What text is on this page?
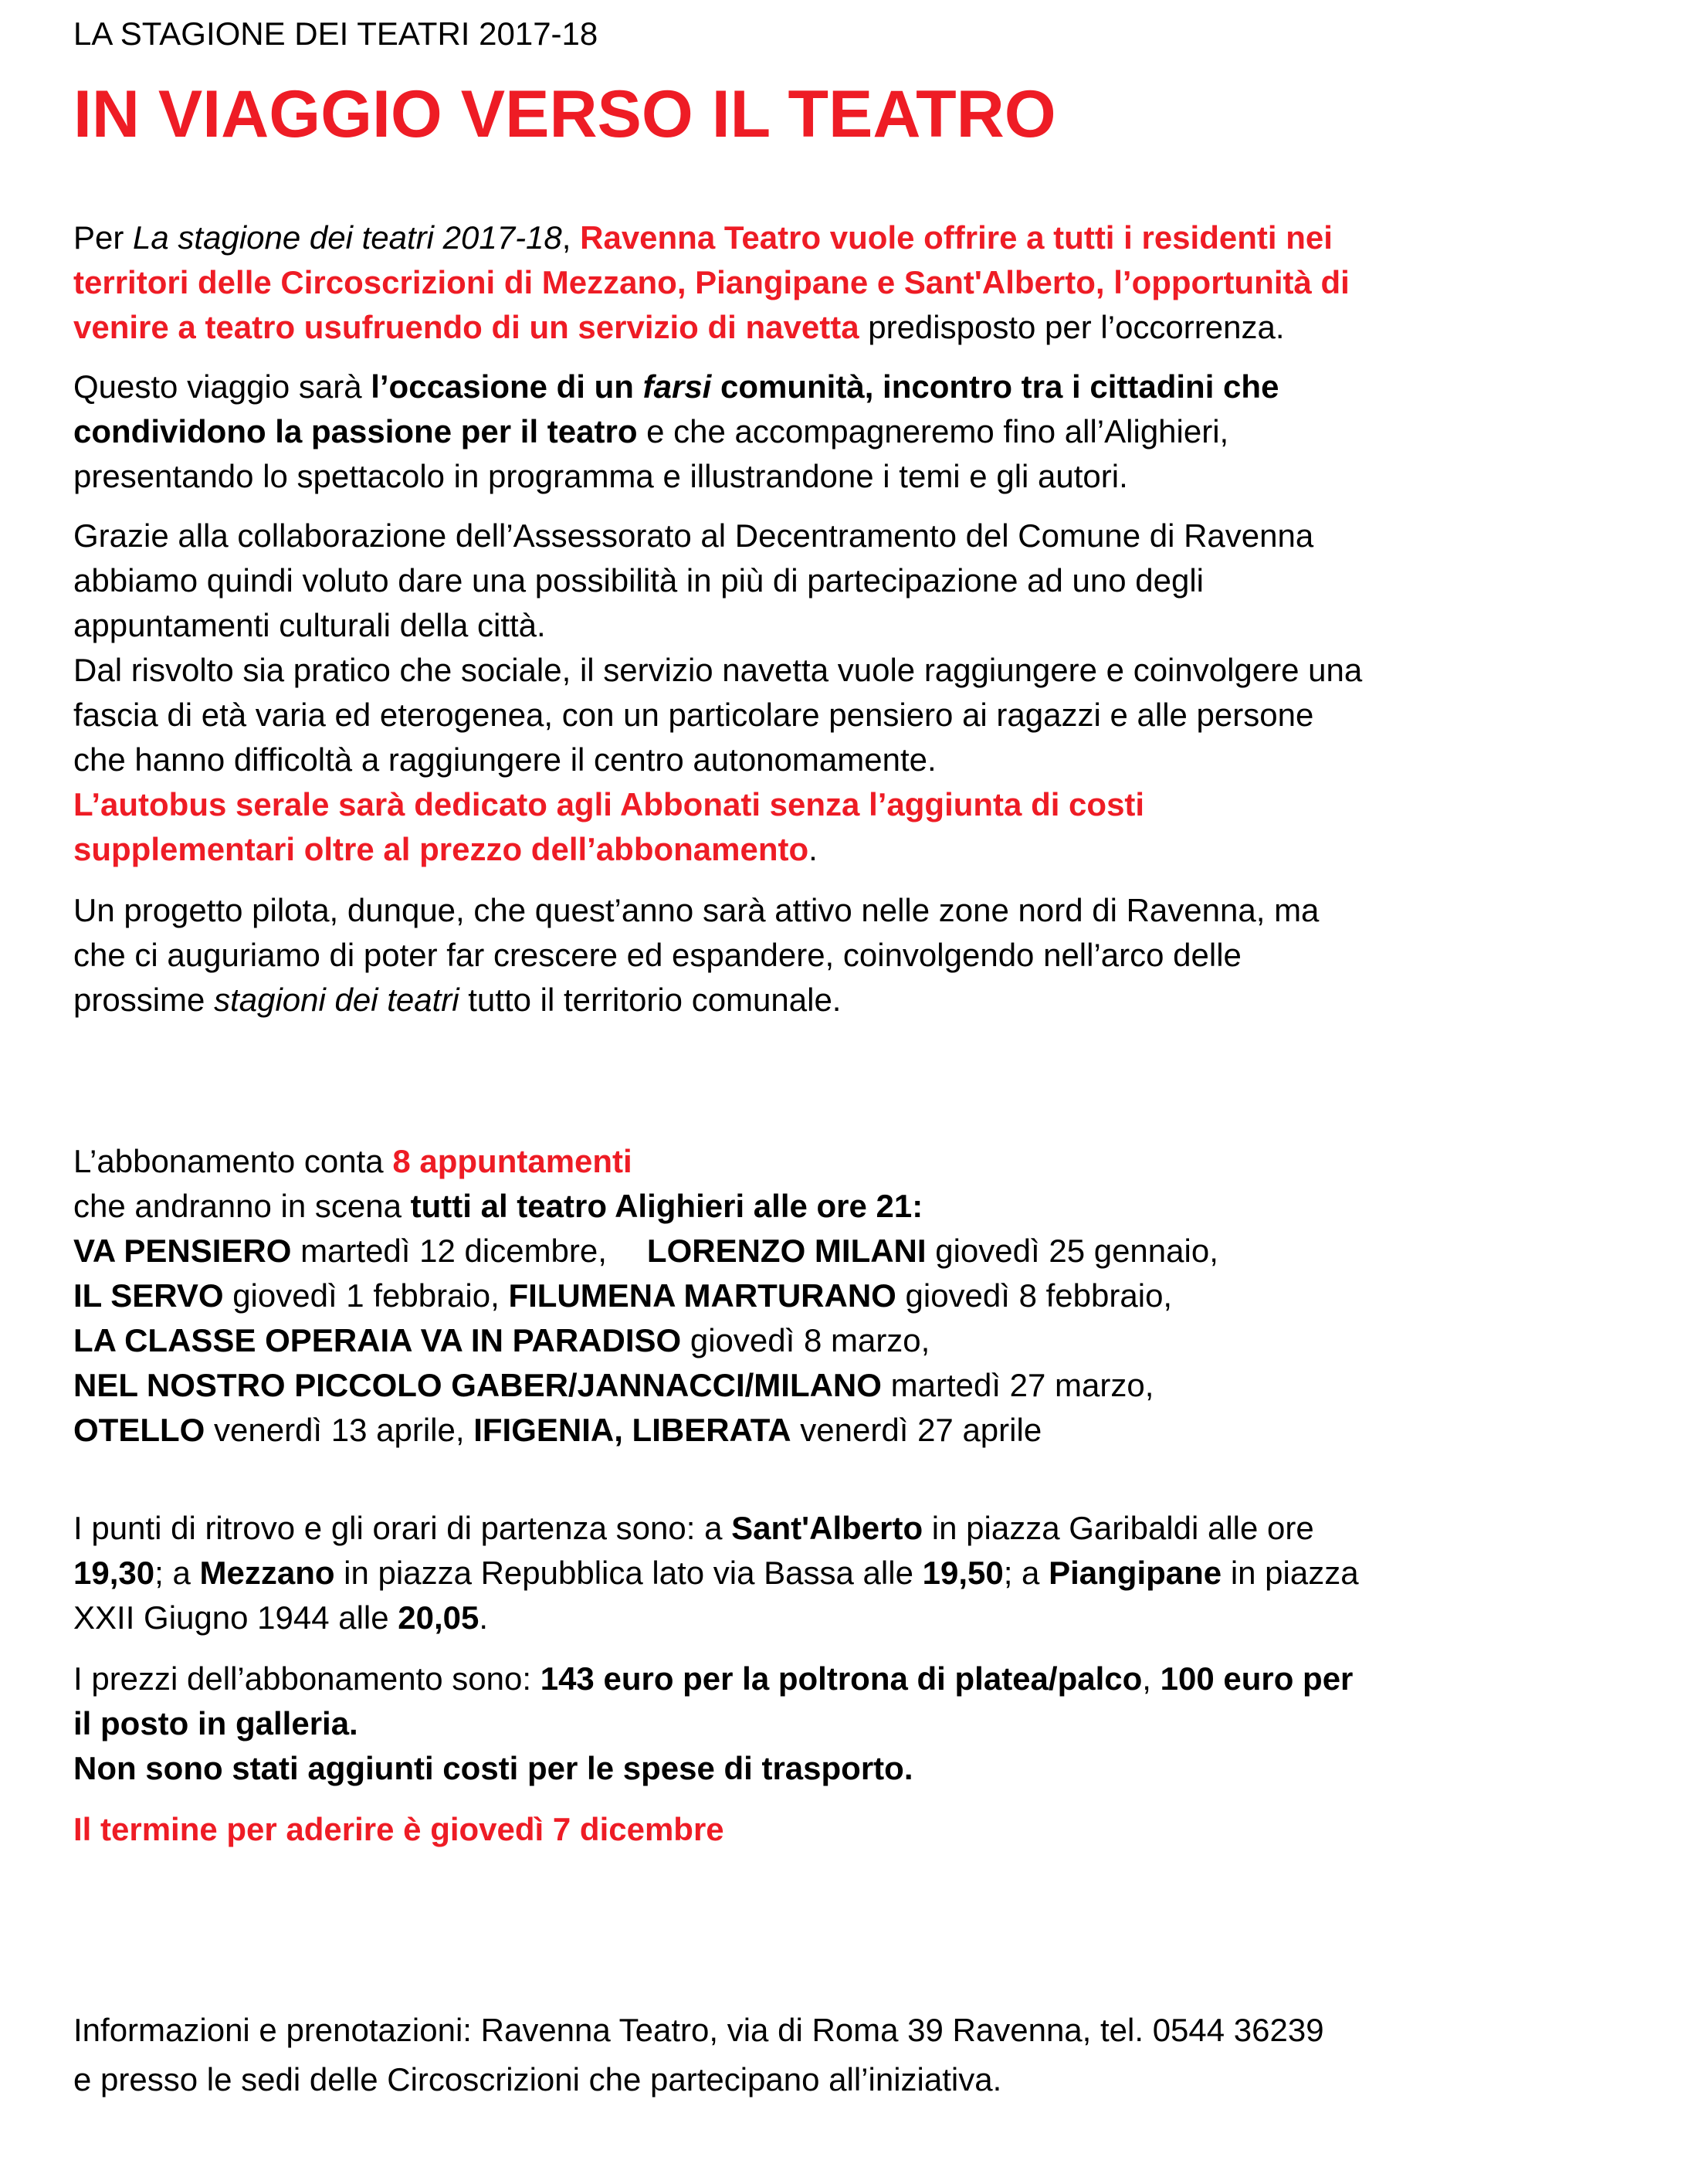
LA STAGIONE DEI TEATRI 2017-18
IN VIAGGIO VERSO IL TEATRO
Per La stagione dei teatri 2017-18, Ravenna Teatro vuole offrire a tutti i residenti nei
territori delle Circoscrizioni di Mezzano, Piangipane e Sant'Alberto, l’opportunità di
venire a teatro usufruendo di un servizio di navetta predisposto per l’occorrenza.
Questo viaggio sarà l’occasione di un farsi comunità, incontro tra i cittadini che
condividono la passione per il teatro e che accompagneremo fino all’Alighieri,
presentando lo spettacolo in programma e illustrandone i temi e gli autori.
Grazie alla collaborazione dell’Assessorato al Decentramento del Comune di Ravenna
abbiamo quindi voluto dare una possibilità in più di partecipazione ad uno degli
appuntamenti culturali della città.
Dal risvolto sia pratico che sociale, il servizio navetta vuole raggiungere e coinvolgere una
fascia di età varia ed eterogenea, con un particolare pensiero ai ragazzi e alle persone
che hanno difficoltà a raggiungere il centro autonomamente.
L’autobus serale sarà dedicato agli Abbonati senza l’aggiunta di costi
supplementari oltre al prezzo dell’abbonamento.
Un progetto pilota, dunque, che quest’anno sarà attivo nelle zone nord di Ravenna, ma
che ci auguriamo di poter far crescere ed espandere, coinvolgendo nell’arco delle
prossime stagioni dei teatri tutto il territorio comunale.
L’abbonamento conta 8 appuntamenti
che andranno in scena tutti al teatro Alighieri alle ore 21:
VA PENSIERO martedì 12 dicembre, LORENZO MILANI giovedì 25 gennaio,
IL SERVO giovedì 1 febbraio, FILUMENA MARTURANO giovedì 8 febbraio,
LA CLASSE OPERAIA VA IN PARADISO giovedì 8 marzo,
NEL NOSTRO PICCOLO GABER/JANNACCI/MILANO martedì 27 marzo,
OTELLO venerdì 13 aprile, IFIGENIA, LIBERATA venerdì 27 aprile
I punti di ritrovo e gli orari di partenza sono: a Sant'Alberto in piazza Garibaldi alle ore
19,30; a Mezzano in piazza Repubblica lato via Bassa alle 19,50; a Piangipane in piazza
XXII Giugno 1944 alle 20,05.
I prezzi dell’abbonamento sono: 143 euro per la poltrona di platea/palco, 100 euro per
il posto in galleria.
Non sono stati aggiunti costi per le spese di trasporto.
Il termine per aderire è giovedì 7 dicembre
Informazioni e prenotazioni: Ravenna Teatro, via di Roma 39 Ravenna, tel. 0544 36239
e presso le sedi delle Circoscrizioni che partecipano all’iniziativa.
